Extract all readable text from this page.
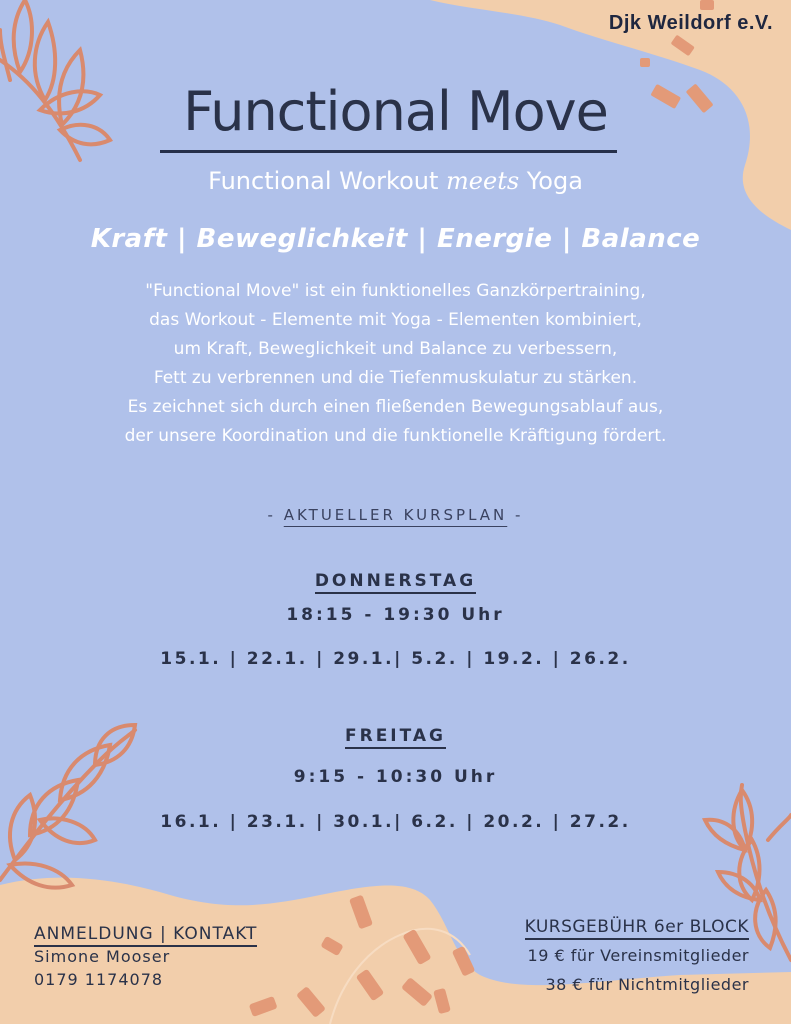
Djk Weildorf e.V.
Functional Move
Functional Workout meets Yoga
Kraft | Beweglichkeit | Energie | Balance
"Functional Move" ist ein funktionelles Ganzkörpertraining,
das Workout - Elemente mit Yoga - Elementen kombiniert,
um Kraft, Beweglichkeit und Balance zu verbessern,
Fett zu verbrennen und die Tiefenmuskulatur zu stärken.
Es zeichnet sich durch einen fließenden Bewegungsablauf aus,
der unsere Koordination und die funktionelle Kräftigung fördert.
- AKTUELLER KURSPLAN -
DONNERSTAG
18:15 - 19:30 Uhr
15.1. | 22.1. | 29.1.| 5.2. | 19.2. | 26.2.
FREITAG
9:15 - 10:30 Uhr
16.1. | 23.1. | 30.1.| 6.2. | 20.2. | 27.2.
ANMELDUNG | KONTAKT
Simone Mooser
0179 1174078
KURSGEBÜHR 6er BLOCK
19 € für Vereinsmitglieder
38 € für Nichtmitglieder
